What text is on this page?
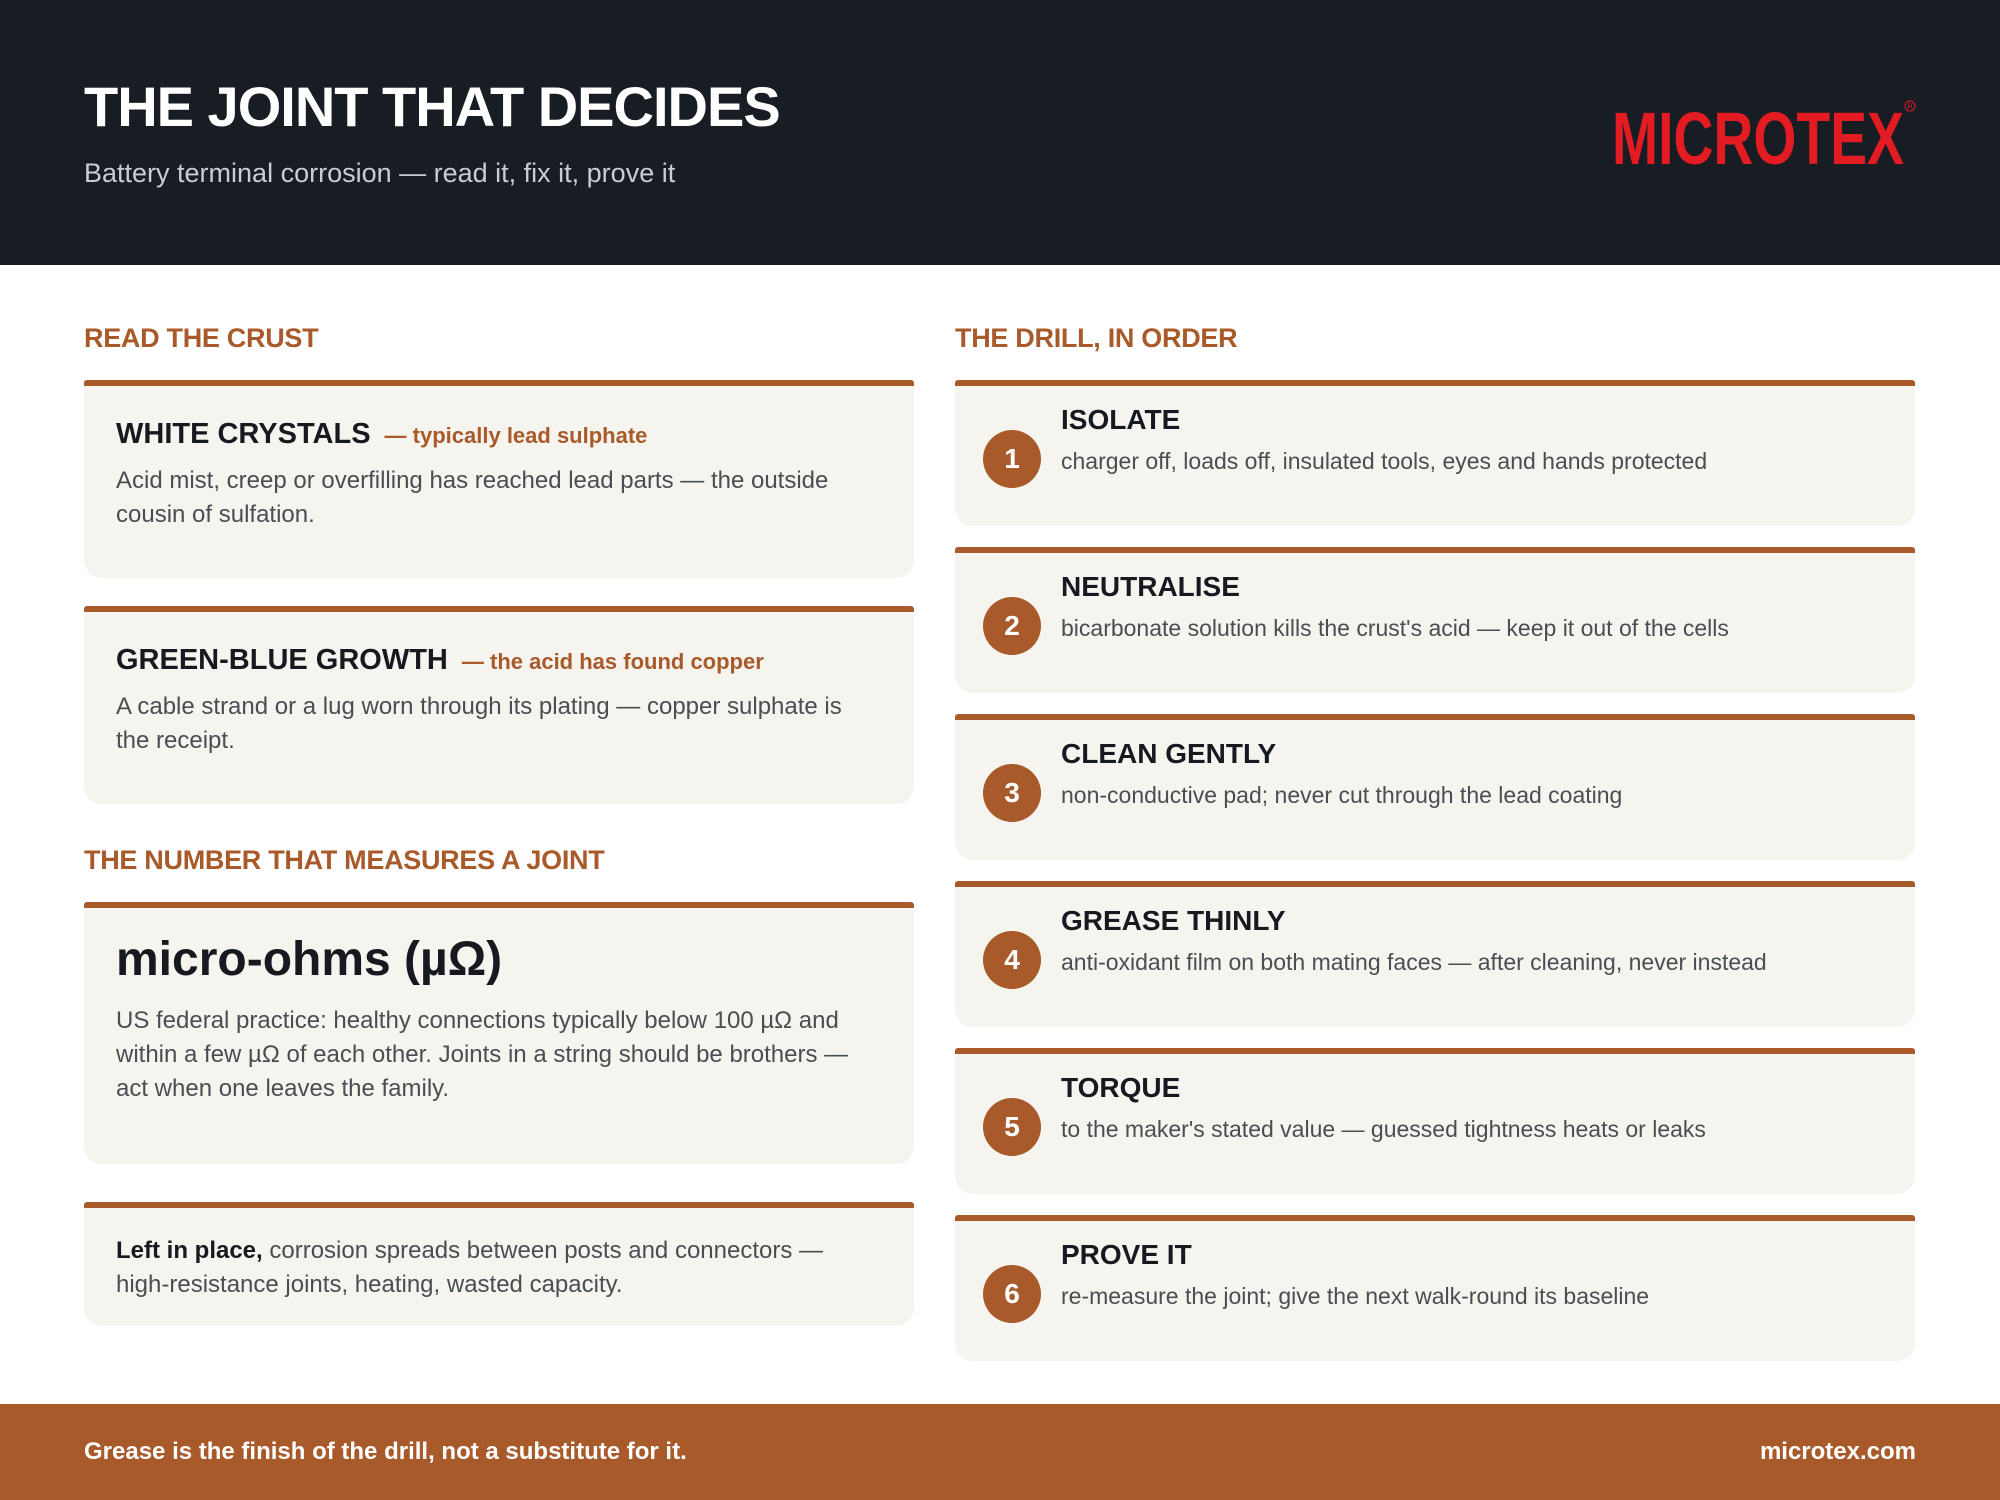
THE JOINT THAT DECIDES
Battery terminal corrosion — read it, fix it, prove it	MICROTEX R
READ THE CRUST
WHITE CRYSTALS — typically lead sulphate
Acid mist, creep or overfilling has reached lead parts — the outside cousin of sulfation.
GREEN-BLUE GROWTH — the acid has found copper
A cable strand or a lug worn through its plating — copper sulphate is the receipt.
THE NUMBER THAT MEASURES A JOINT
micro-ohms (µΩ)
US federal practice: healthy connections typically below 100 µΩ and within a few µΩ of each other. Joints in a string should be brothers — act when one leaves the family.
Left in place, corrosion spreads between posts and connectors — high-resistance joints, heating, wasted capacity.
THE DRILL, IN ORDER
1
ISOLATE
charger off, loads off, insulated tools, eyes and hands protected
2
NEUTRALISE
bicarbonate solution kills the crust's acid — keep it out of the cells
3
CLEAN GENTLY
non-conductive pad; never cut through the lead coating
4
GREASE THINLY
anti-oxidant film on both mating faces — after cleaning, never instead
5
TORQUE
to the maker's stated value — guessed tightness heats or leaks
6
PROVE IT
re-measure the joint; give the next walk-round its baseline
Grease is the finish of the drill, not a substitute for it.	microtex.com
